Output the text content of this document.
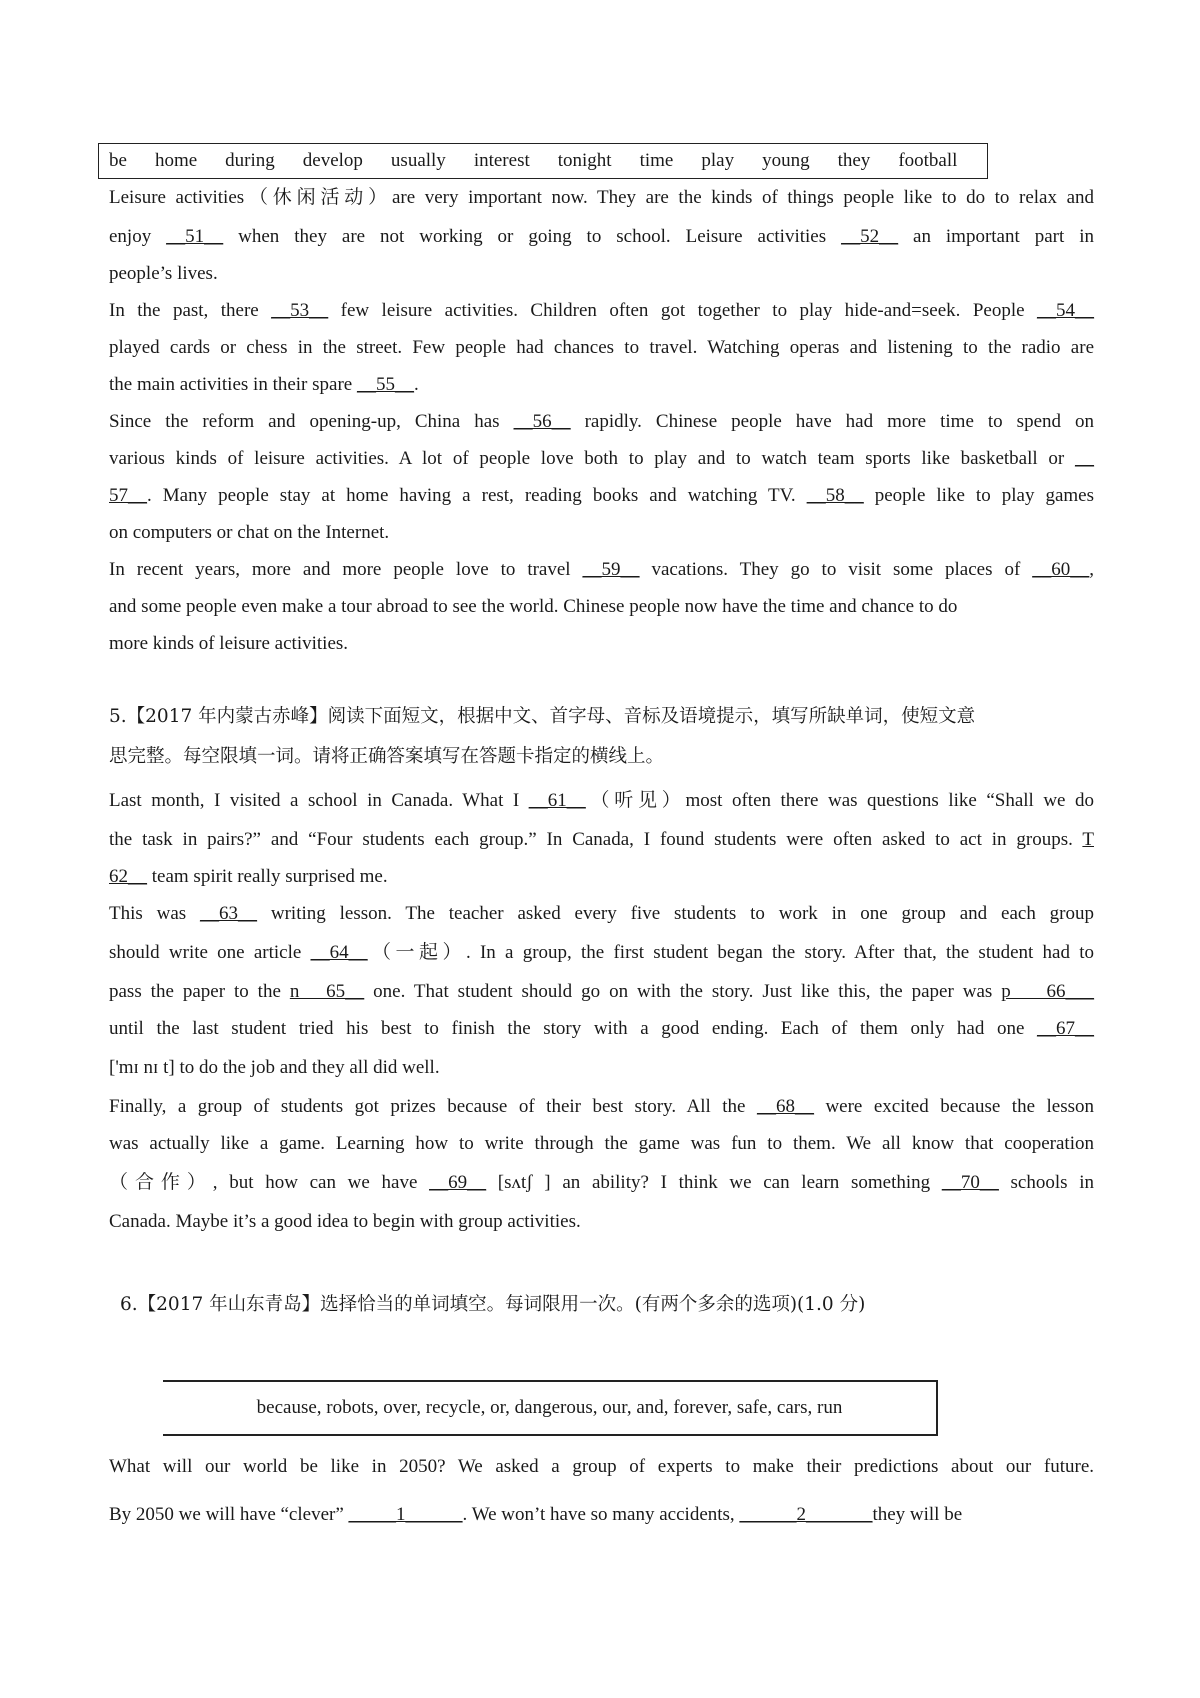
be home during develop usually interest tonight time play young they football
Leisure activities（休闲活动）are very important now. They are the kinds of things people like to do to relax and
enjoy __51__ when they are not working or going to school. Leisure activities __52__ an important part in
people’s lives.
In the past, there __53__ few leisure activities. Children often got together to play hide-and=seek. People __54__
played cards or chess in the street. Few people had chances to travel. Watching operas and listening to the radio are
the main activities in their spare __55__.
Since the reform and opening-up, China has __56__ rapidly. Chinese people have had more time to spend on
various kinds of leisure activities. A lot of people love both to play and to watch team sports like basketball or __
57__. Many people stay at home having a rest, reading books and watching TV. __58__ people like to play games
on computers or chat on the Internet.
In recent years, more and more people love to travel __59__ vacations. They go to visit some places of __60__,
and some people even make a tour abroad to see the world. Chinese people now have the time and chance to do
more kinds of leisure activities.
5.【2017 年内蒙古赤峰】阅读下面短文，根据中文、首字母、音标及语境提示，填写所缺单词，使短文意
思完整。每空限填一词。请将正确答案填写在答题卡指定的横线上。
Last month, I visited a school in Canada. What I __61__（听见）most often there was questions like “Shall we do
the task in pairs?” and “Four students each group.” In Canada, I found students were often asked to act in groups. T
62__ team spirit really surprised me.
This was __63__ writing lesson. The teacher asked every five students to work in one group and each group
should write one article __64__（一起）. In a group, the first student began the story. After that, the student had to
pass the paper to the n   65__ one. That student should go on with the story. Just like this, the paper was p    66___
until the last student tried his best to finish the story with a good ending. Each of them only had one __67__
['mɪ nɪ t] to do the job and they all did well.
Finally, a group of students got prizes because of their best story. All the __68__ were excited because the lesson
was actually like a game. Learning how to write through the game was fun to them. We all know that cooperation
（合作）, but how can we have __69__ [sʌtʃ ] an ability? I think we can learn something __70__ schools in
Canada. Maybe it’s a good idea to begin with group activities.
6.【2017 年山东青岛】选择恰当的单词填空。每词限用一次。(有两个多余的选项)(1.0 分)
because, robots, over, recycle, or, dangerous, our, and, forever, safe, cars, run
What will our world be like in 2050? We asked a group of experts to make their predictions about our future.
By 2050 we will have “clever” _____1______. We won’t have so many accidents, ______2_______they will be
